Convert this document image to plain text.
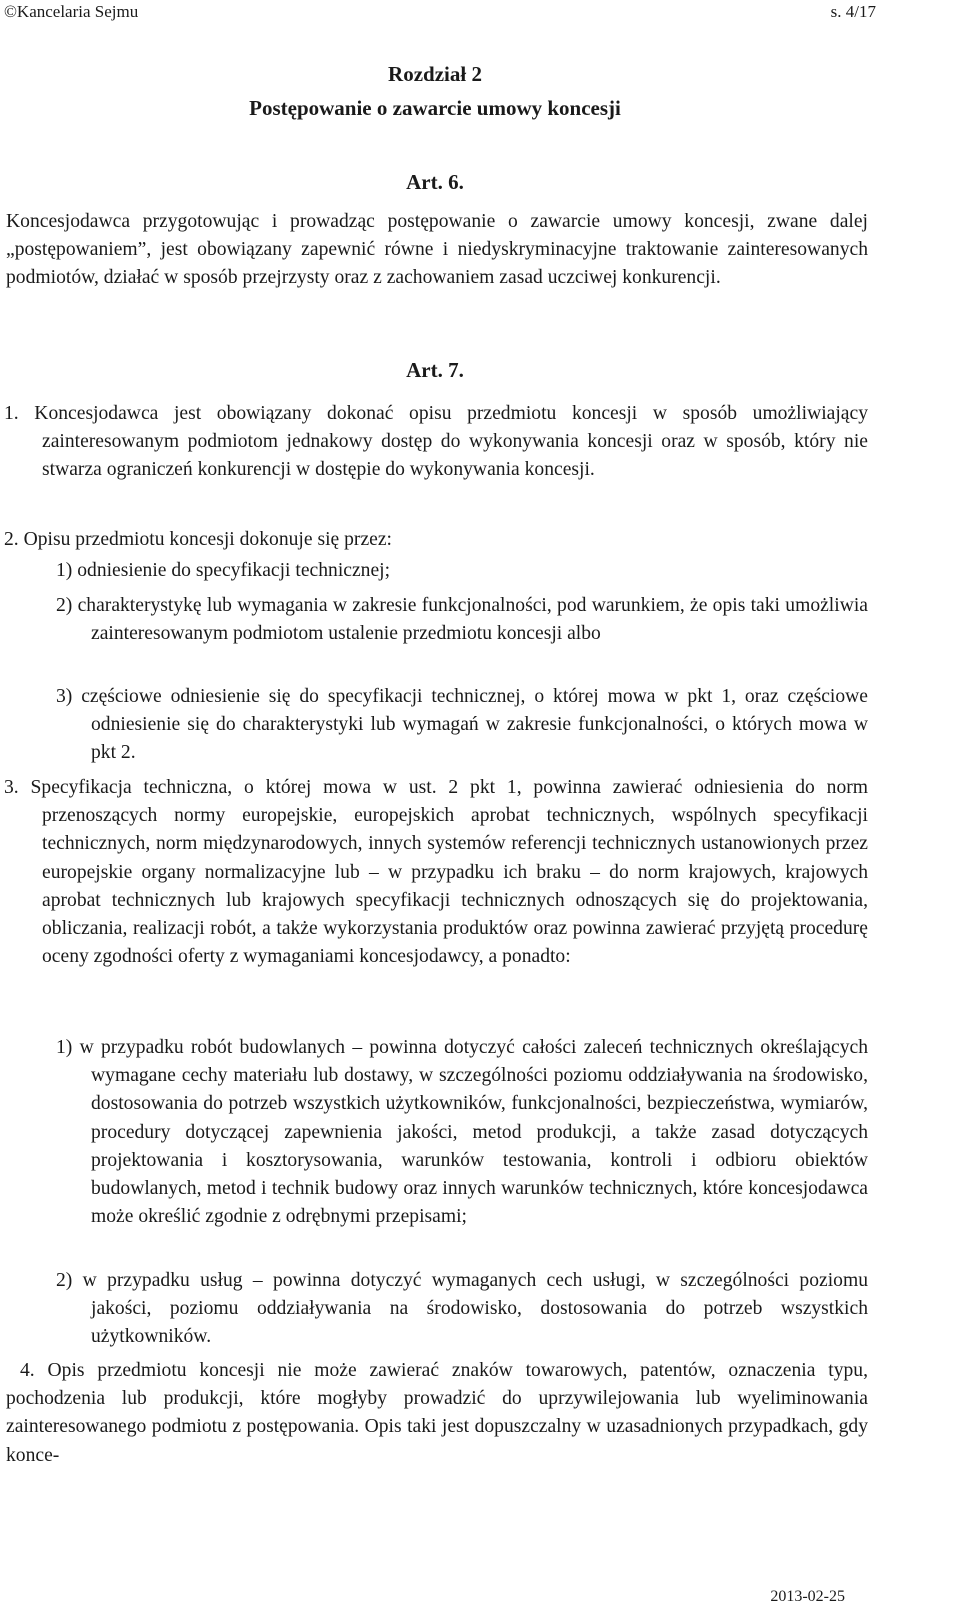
©Kancelaria Sejmu	s. 4/17
Rozdział 2
Postępowanie o zawarcie umowy koncesji
Art. 6.
Koncesjodawca przygotowując i prowadząc postępowanie o zawarcie umowy koncesji, zwane dalej „postępowaniem”, jest obowiązany zapewnić równe i niedyskryminacyjne traktowanie zainteresowanych podmiotów, działać w sposób przejrzysty oraz z zachowaniem zasad uczciwej konkurencji.
Art. 7.
1. Koncesjodawca jest obowiązany dokonać opisu przedmiotu koncesji w sposób umożliwiający zainteresowanym podmiotom jednakowy dostęp do wykonywania koncesji oraz w sposób, który nie stwarza ograniczeń konkurencji w dostępie do wykonywania koncesji.
2. Opisu przedmiotu koncesji dokonuje się przez:
1) odniesienie do specyfikacji technicznej;
2) charakterystykę lub wymagania w zakresie funkcjonalności, pod warunkiem, że opis taki umożliwia zainteresowanym podmiotom ustalenie przedmiotu koncesji albo
3) częściowe odniesienie się do specyfikacji technicznej, o której mowa w pkt 1, oraz częściowe odniesienie się do charakterystyki lub wymagań w zakresie funkcjonalności, o których mowa w pkt 2.
3. Specyfikacja techniczna, o której mowa w ust. 2 pkt 1, powinna zawierać odniesienia do norm przenoszących normy europejskie, europejskich aprobat technicznych, wspólnych specyfikacji technicznych, norm międzynarodowych, innych systemów referencji technicznych ustanowionych przez europejskie organy normalizacyjne lub – w przypadku ich braku – do norm krajowych, krajowych aprobat technicznych lub krajowych specyfikacji technicznych odnoszących się do projektowania, obliczania, realizacji robót, a także wykorzystania produktów oraz powinna zawierać przyjętą procedurę oceny zgodności oferty z wymaganiami koncesjodawcy, a ponadto:
1) w przypadku robót budowlanych – powinna dotyczyć całości zaleceń technicznych określających wymagane cechy materiału lub dostawy, w szczególności poziomu oddziaływania na środowisko, dostosowania do potrzeb wszystkich użytkowników, funkcjonalności, bezpieczeństwa, wymiarów, procedury dotyczącej zapewnienia jakości, metod produkcji, a także zasad dotyczących projektowania i kosztorysowania, warunków testowania, kontroli i odbioru obiektów budowlanych, metod i technik budowy oraz innych warunków technicznych, które koncesjodawca może określić zgodnie z odrębnymi przepisami;
2) w przypadku usług – powinna dotyczyć wymaganych cech usługi, w szczególności poziomu jakości, poziomu oddziaływania na środowisko, dostosowania do potrzeb wszystkich użytkowników.
4. Opis przedmiotu koncesji nie może zawierać znaków towarowych, patentów, oznaczenia typu, pochodzenia lub produkcji, które mogłyby prowadzić do uprzywilejowania lub wyeliminowania zainteresowanego podmiotu z postępowania. Opis taki jest dopuszczalny w uzasadnionych przypadkach, gdy konce-
2013-02-25
